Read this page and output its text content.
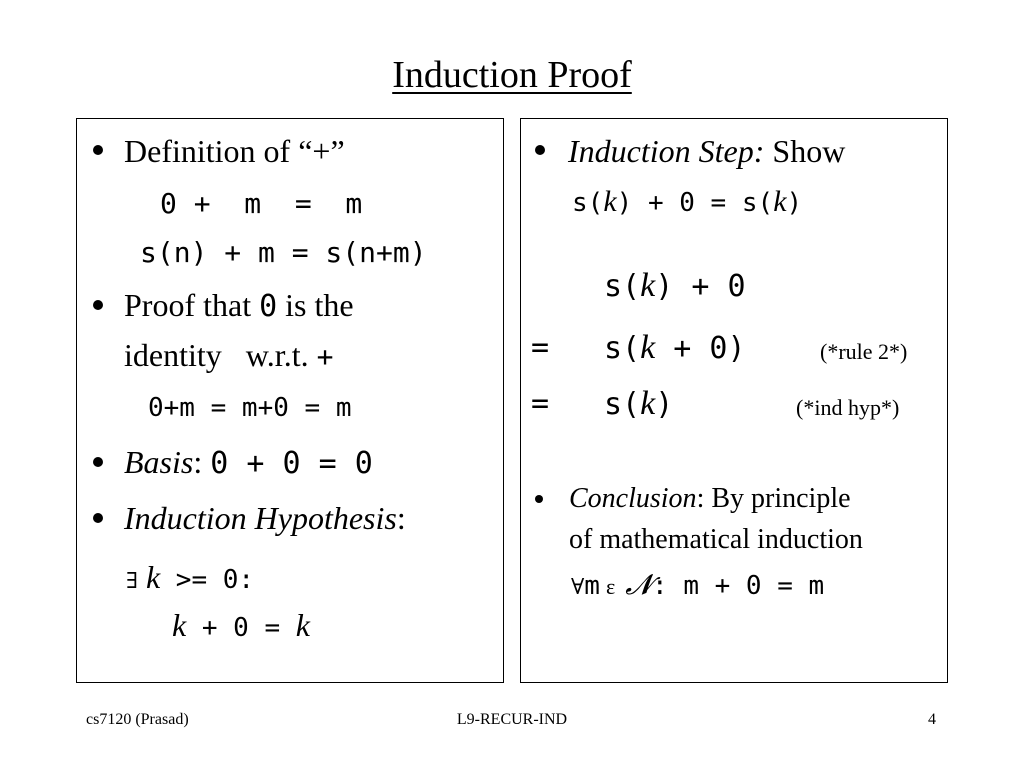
Induction Proof
Definition of “+”
0 +  m  =  m
s(n) + m = s(n+m)
Proof that 0 is the
identity   w.r.t. +
0+m = m+0 = m
Basis: 0 + 0 = 0
Induction Hypothesis:
∃ k >= 0:
k + 0 = k
Induction Step: Show
s(k) + 0 = s(k)
s(k) + 0
= s(k + 0)	(*rule 2*)
= s(k)	(*ind hyp*)
Conclusion: By principle
of mathematical induction
∀m ε 𝓝: m + 0 = m
cs7120 (Prasad)	L9-RECUR-IND	4
